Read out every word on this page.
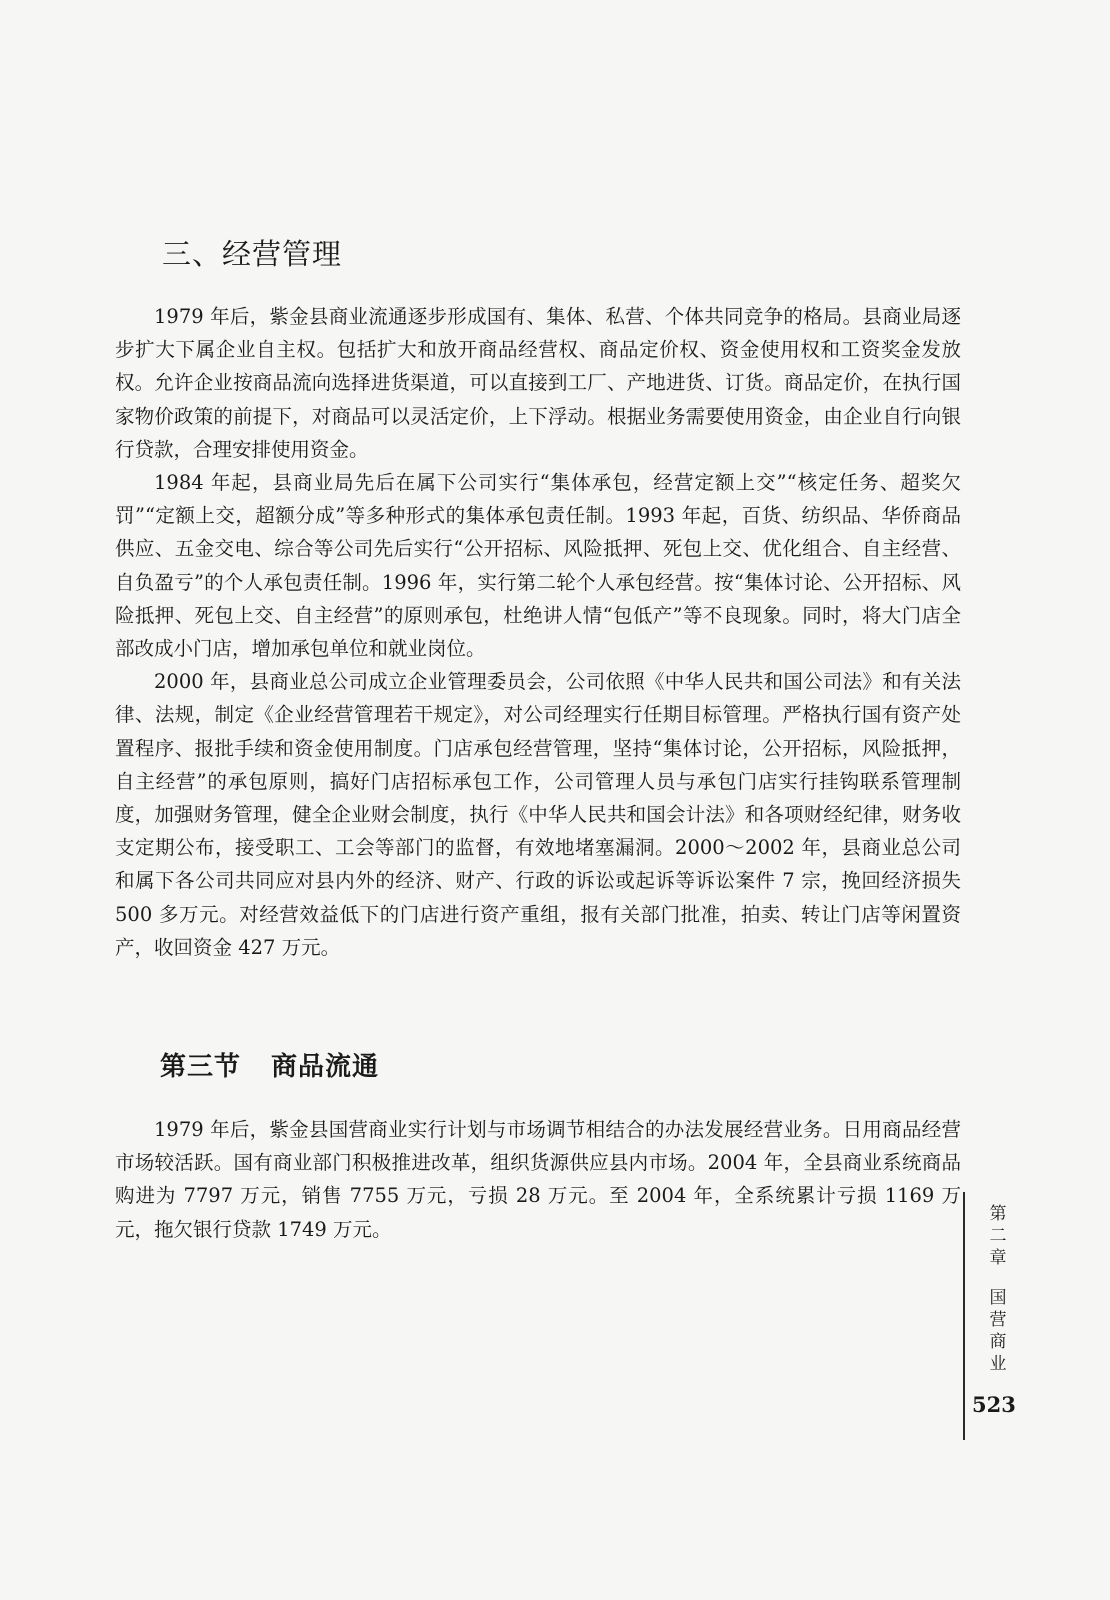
三、经营管理

1979 年后，紫金县商业流通逐步形成国有、集体、私营、个体共同竞争的格局。县商业局逐步扩大下属企业自主权。包括扩大和放开商品经营权、商品定价权、资金使用权和工资奖金发放权。允许企业按商品流向选择进货渠道，可以直接到工厂、产地进货、订货。商品定价，在执行国家物价政策的前提下，对商品可以灵活定价，上下浮动。根据业务需要使用资金，由企业自行向银行贷款，合理安排使用资金。

1984 年起，县商业局先后在属下公司实行“集体承包，经营定额上交”“核定任务、超奖欠罚”“定额上交，超额分成”等多种形式的集体承包责任制。1993 年起，百货、纺织品、华侨商品供应、五金交电、综合等公司先后实行“公开招标、风险抵押、死包上交、优化组合、自主经营、自负盈亏”的个人承包责任制。1996 年，实行第二轮个人承包经营。按“集体讨论、公开招标、风险抵押、死包上交、自主经营”的原则承包，杜绝讲人情“包低产”等不良现象。同时，将大门店全部改成小门店，增加承包单位和就业岗位。

2000 年，县商业总公司成立企业管理委员会，公司依照《中华人民共和国公司法》和有关法律、法规，制定《企业经营管理若干规定》，对公司经理实行任期目标管理。严格执行国有资产处置程序、报批手续和资金使用制度。门店承包经营管理，坚持“集体讨论，公开招标，风险抵押，自主经营”的承包原则，搞好门店招标承包工作，公司管理人员与承包门店实行挂钩联系管理制度，加强财务管理，健全企业财会制度，执行《中华人民共和国会计法》和各项财经纪律，财务收支定期公布，接受职工、工会等部门的监督，有效地堵塞漏洞。2000～2002 年，县商业总公司和属下各公司共同应对县内外的经济、财产、行政的诉讼或起诉等诉讼案件 7 宗，挽回经济损失 500 多万元。对经营效益低下的门店进行资产重组，报有关部门批准，拍卖、转让门店等闲置资产，收回资金 427 万元。

第三节 商品流通

1979 年后，紫金县国营商业实行计划与市场调节相结合的办法发展经营业务。日用商品经营市场较活跃。国有商业部门积极推进改革，组织货源供应县内市场。2004 年，全县商业系统商品购进为 7797 万元，销售 7755 万元，亏损 28 万元。至 2004 年，全系统累计亏损 1169 万元，拖欠银行贷款 1749 万元。

第
二
章
国
营
商
业
523
